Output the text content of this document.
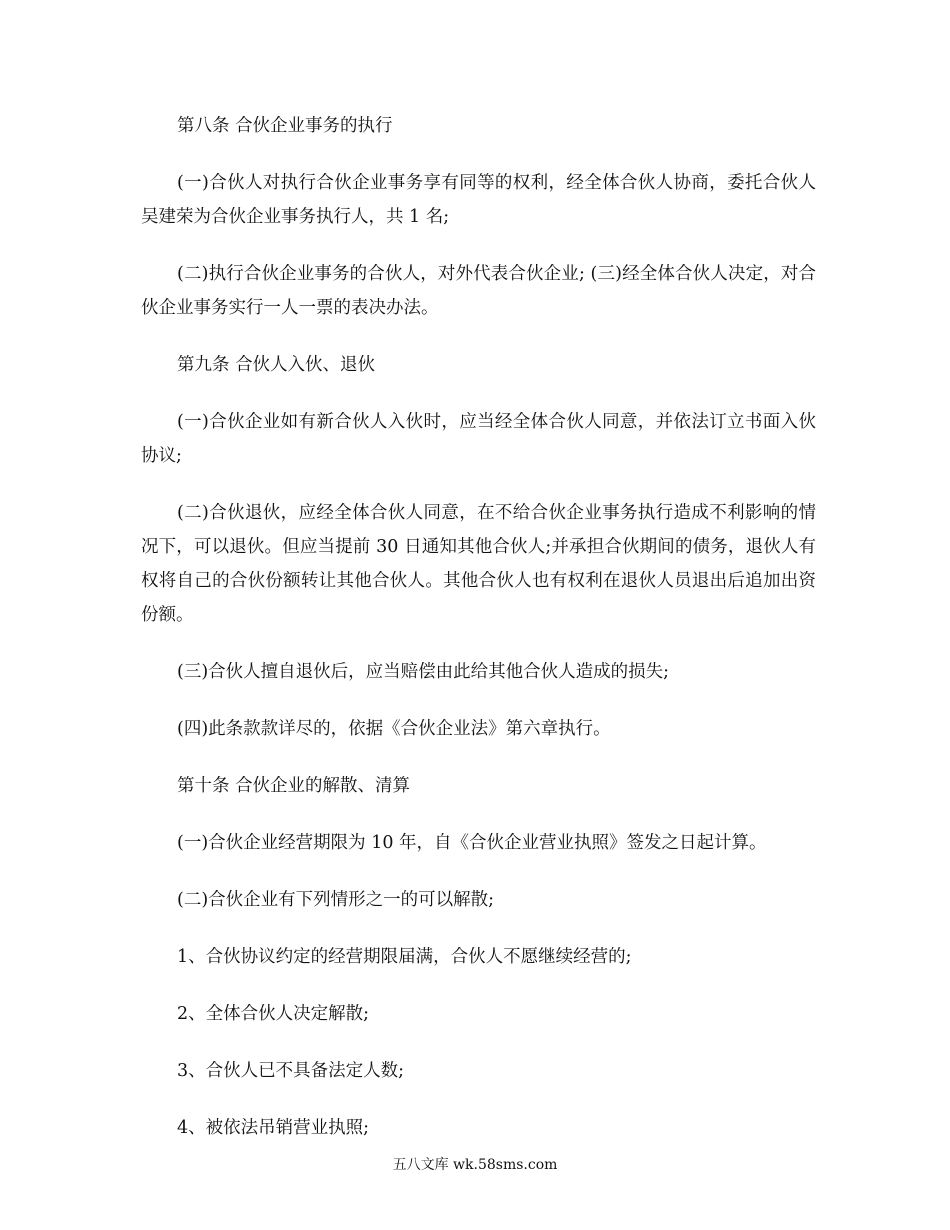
第八条 合伙企业事务的执行

(一)合伙人对执行合伙企业事务享有同等的权利，经全体合伙人协商，委托合伙人吴建荣为合伙企业事务执行人，共 1 名;

(二)执行合伙企业事务的合伙人，对外代表合伙企业; (三)经全体合伙人决定，对合伙企业事务实行一人一票的表决办法。

第九条 合伙人入伙、退伙

(一)合伙企业如有新合伙人入伙时，应当经全体合伙人同意，并依法订立书面入伙协议;

(二)合伙退伙，应经全体合伙人同意，在不给合伙企业事务执行造成不利影响的情况下，可以退伙。但应当提前 30 日通知其他合伙人;并承担合伙期间的债务，退伙人有权将自己的合伙份额转让其他合伙人。其他合伙人也有权利在退伙人员退出后追加出资份额。

(三)合伙人擅自退伙后，应当赔偿由此给其他合伙人造成的损失;

(四)此条款款详尽的，依据《合伙企业法》第六章执行。

第十条 合伙企业的解散、清算

(一)合伙企业经营期限为 10 年，自《合伙企业营业执照》签发之日起计算。

(二)合伙企业有下列情形之一的可以解散;

1、合伙协议约定的经营期限届满，合伙人不愿继续经营的;

2、全体合伙人决定解散;

3、合伙人已不具备法定人数;

4、被依法吊销营业执照;

五八文库 wk.58sms.com
